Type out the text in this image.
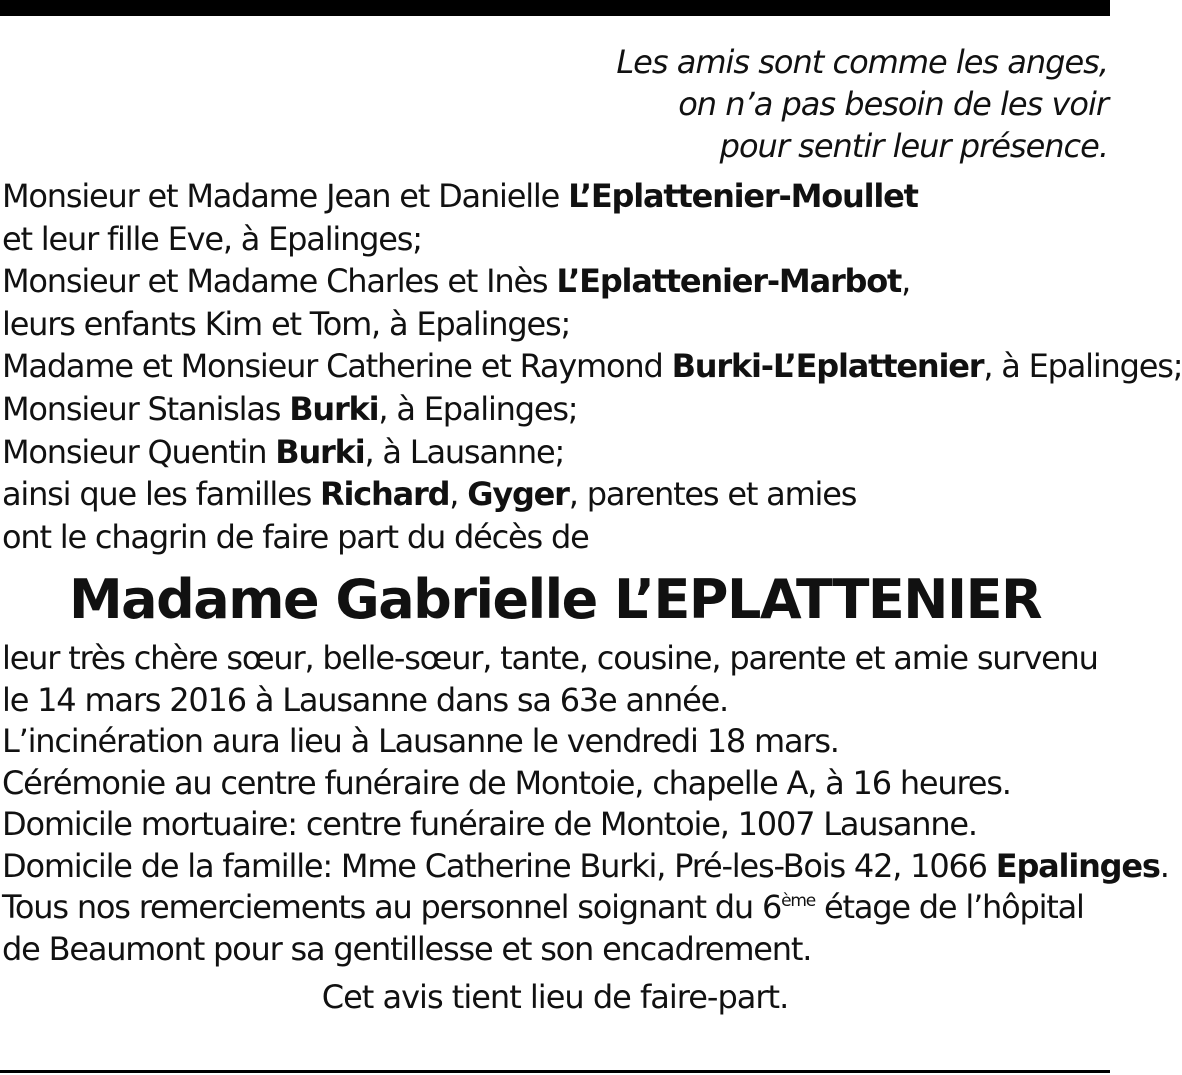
Les amis sont comme les anges,
on n’a pas besoin de les voir
pour sentir leur présence.
Monsieur et Madame Jean et Danielle L’Eplattenier-Moullet
et leur fille Eve, à Epalinges;
Monsieur et Madame Charles et Inès L’Eplattenier-Marbot,
leurs enfants Kim et Tom, à Epalinges;
Madame et Monsieur Catherine et Raymond Burki-L’Eplattenier, à Epalinges;
Monsieur Stanislas Burki, à Epalinges;
Monsieur Quentin Burki, à Lausanne;
ainsi que les familles Richard, Gyger, parentes et amies
ont le chagrin de faire part du décès de
Madame Gabrielle L’EPLATTENIER
leur très chère sœur, belle-sœur, tante, cousine, parente et amie survenu
le 14 mars 2016 à Lausanne dans sa 63e année.
L’incinération aura lieu à Lausanne le vendredi 18 mars.
Cérémonie au centre funéraire de Montoie, chapelle A, à 16 heures.
Domicile mortuaire: centre funéraire de Montoie, 1007 Lausanne.
Domicile de la famille: Mme Catherine Burki, Pré-les-Bois 42, 1066 Epalinges.
Tous nos remerciements au personnel soignant du 6ème étage de l’hôpital
de Beaumont pour sa gentillesse et son encadrement.
Cet avis tient lieu de faire-part.
